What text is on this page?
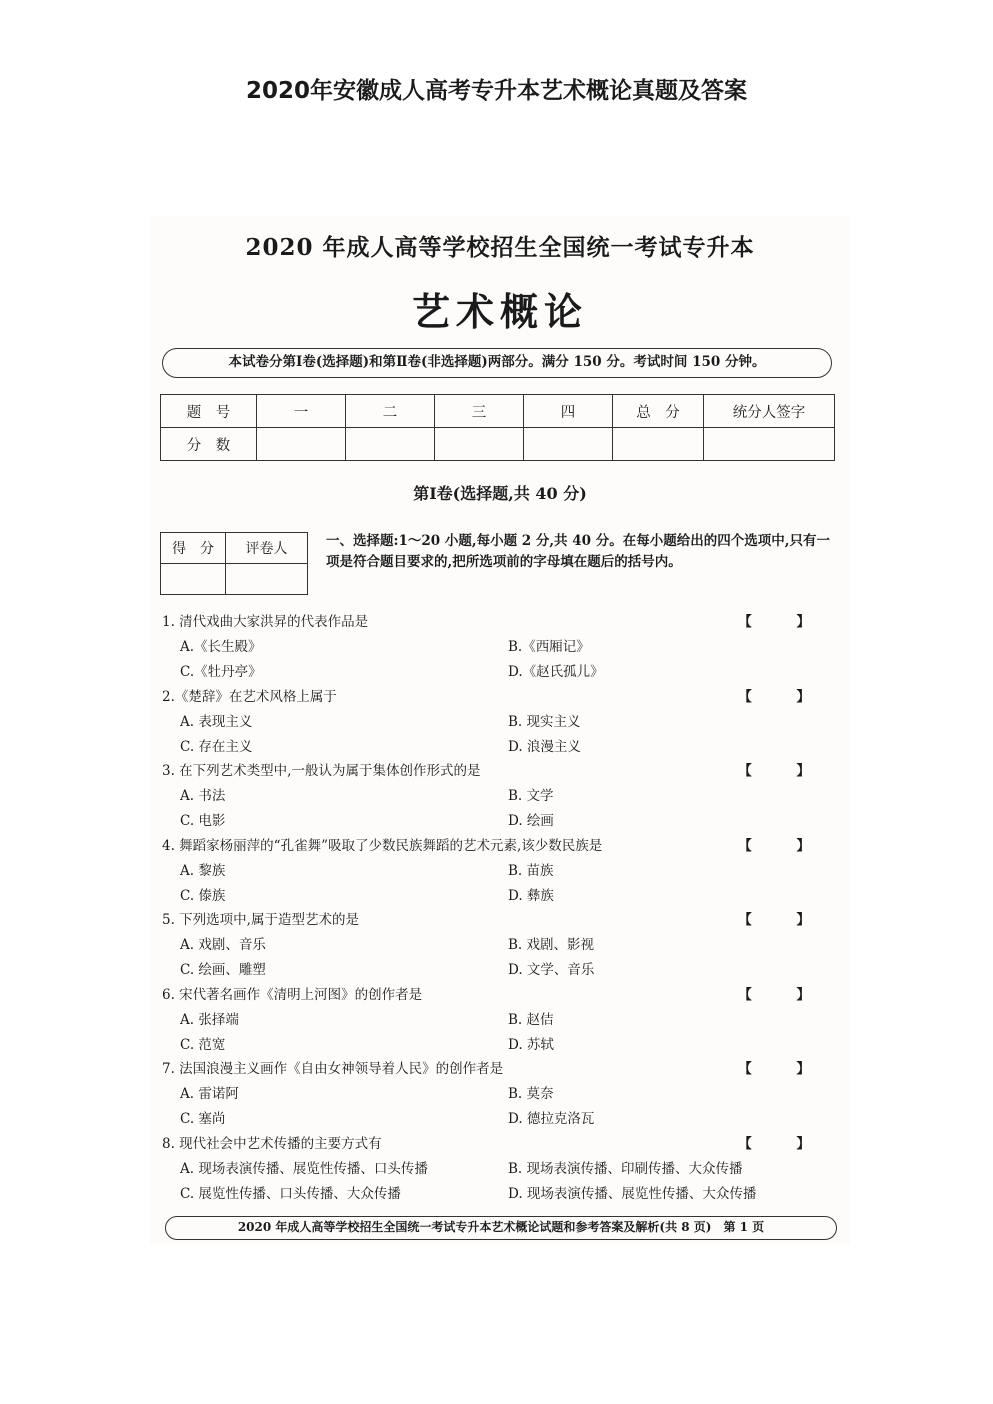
2020年安徽成人高考专升本艺术概论真题及答案
2020 年成人高等学校招生全国统一考试专升本
艺术概论
本试卷分第Ⅰ卷(选择题)和第Ⅱ卷(非选择题)两部分。满分 150 分。考试时间 150 分钟。
题　号	一	二	三	四	总　分	统分人签字
分　数						
第Ⅰ卷(选择题,共 40 分)
得　分	评卷人
		一、选择题:1～20 小题,每小题 2 分,共 40 分。在每小题给出的四个选项中,只有一项是符合题目要求的,把所选项前的字母填在题后的括号内。
1. 清代戏曲大家洪昇的代表作品是	【 】
A.《长生殿》	B.《西厢记》
C.《牡丹亭》	D.《赵氏孤儿》
2.《楚辞》在艺术风格上属于	【 】
A. 表现主义	B. 现实主义
C. 存在主义	D. 浪漫主义
3. 在下列艺术类型中,一般认为属于集体创作形式的是	【 】
A. 书法	B. 文学
C. 电影	D. 绘画
4. 舞蹈家杨丽萍的“孔雀舞”吸取了少数民族舞蹈的艺术元素,该少数民族是	【 】
A. 黎族	B. 苗族
C. 傣族	D. 彝族
5. 下列选项中,属于造型艺术的是	【 】
A. 戏剧、音乐	B. 戏剧、影视
C. 绘画、雕塑	D. 文学、音乐
6. 宋代著名画作《清明上河图》的创作者是	【 】
A. 张择端	B. 赵佶
C. 范宽	D. 苏轼
7. 法国浪漫主义画作《自由女神领导着人民》的创作者是	【 】
A. 雷诺阿	B. 莫奈
C. 塞尚	D. 德拉克洛瓦
8. 现代社会中艺术传播的主要方式有	【 】
A. 现场表演传播、展览性传播、口头传播	B. 现场表演传播、印刷传播、大众传播
C. 展览性传播、口头传播、大众传播	D. 现场表演传播、展览性传播、大众传播
2020 年成人高等学校招生全国统一考试专升本艺术概论试题和参考答案及解析(共 8 页)　第 1 页
